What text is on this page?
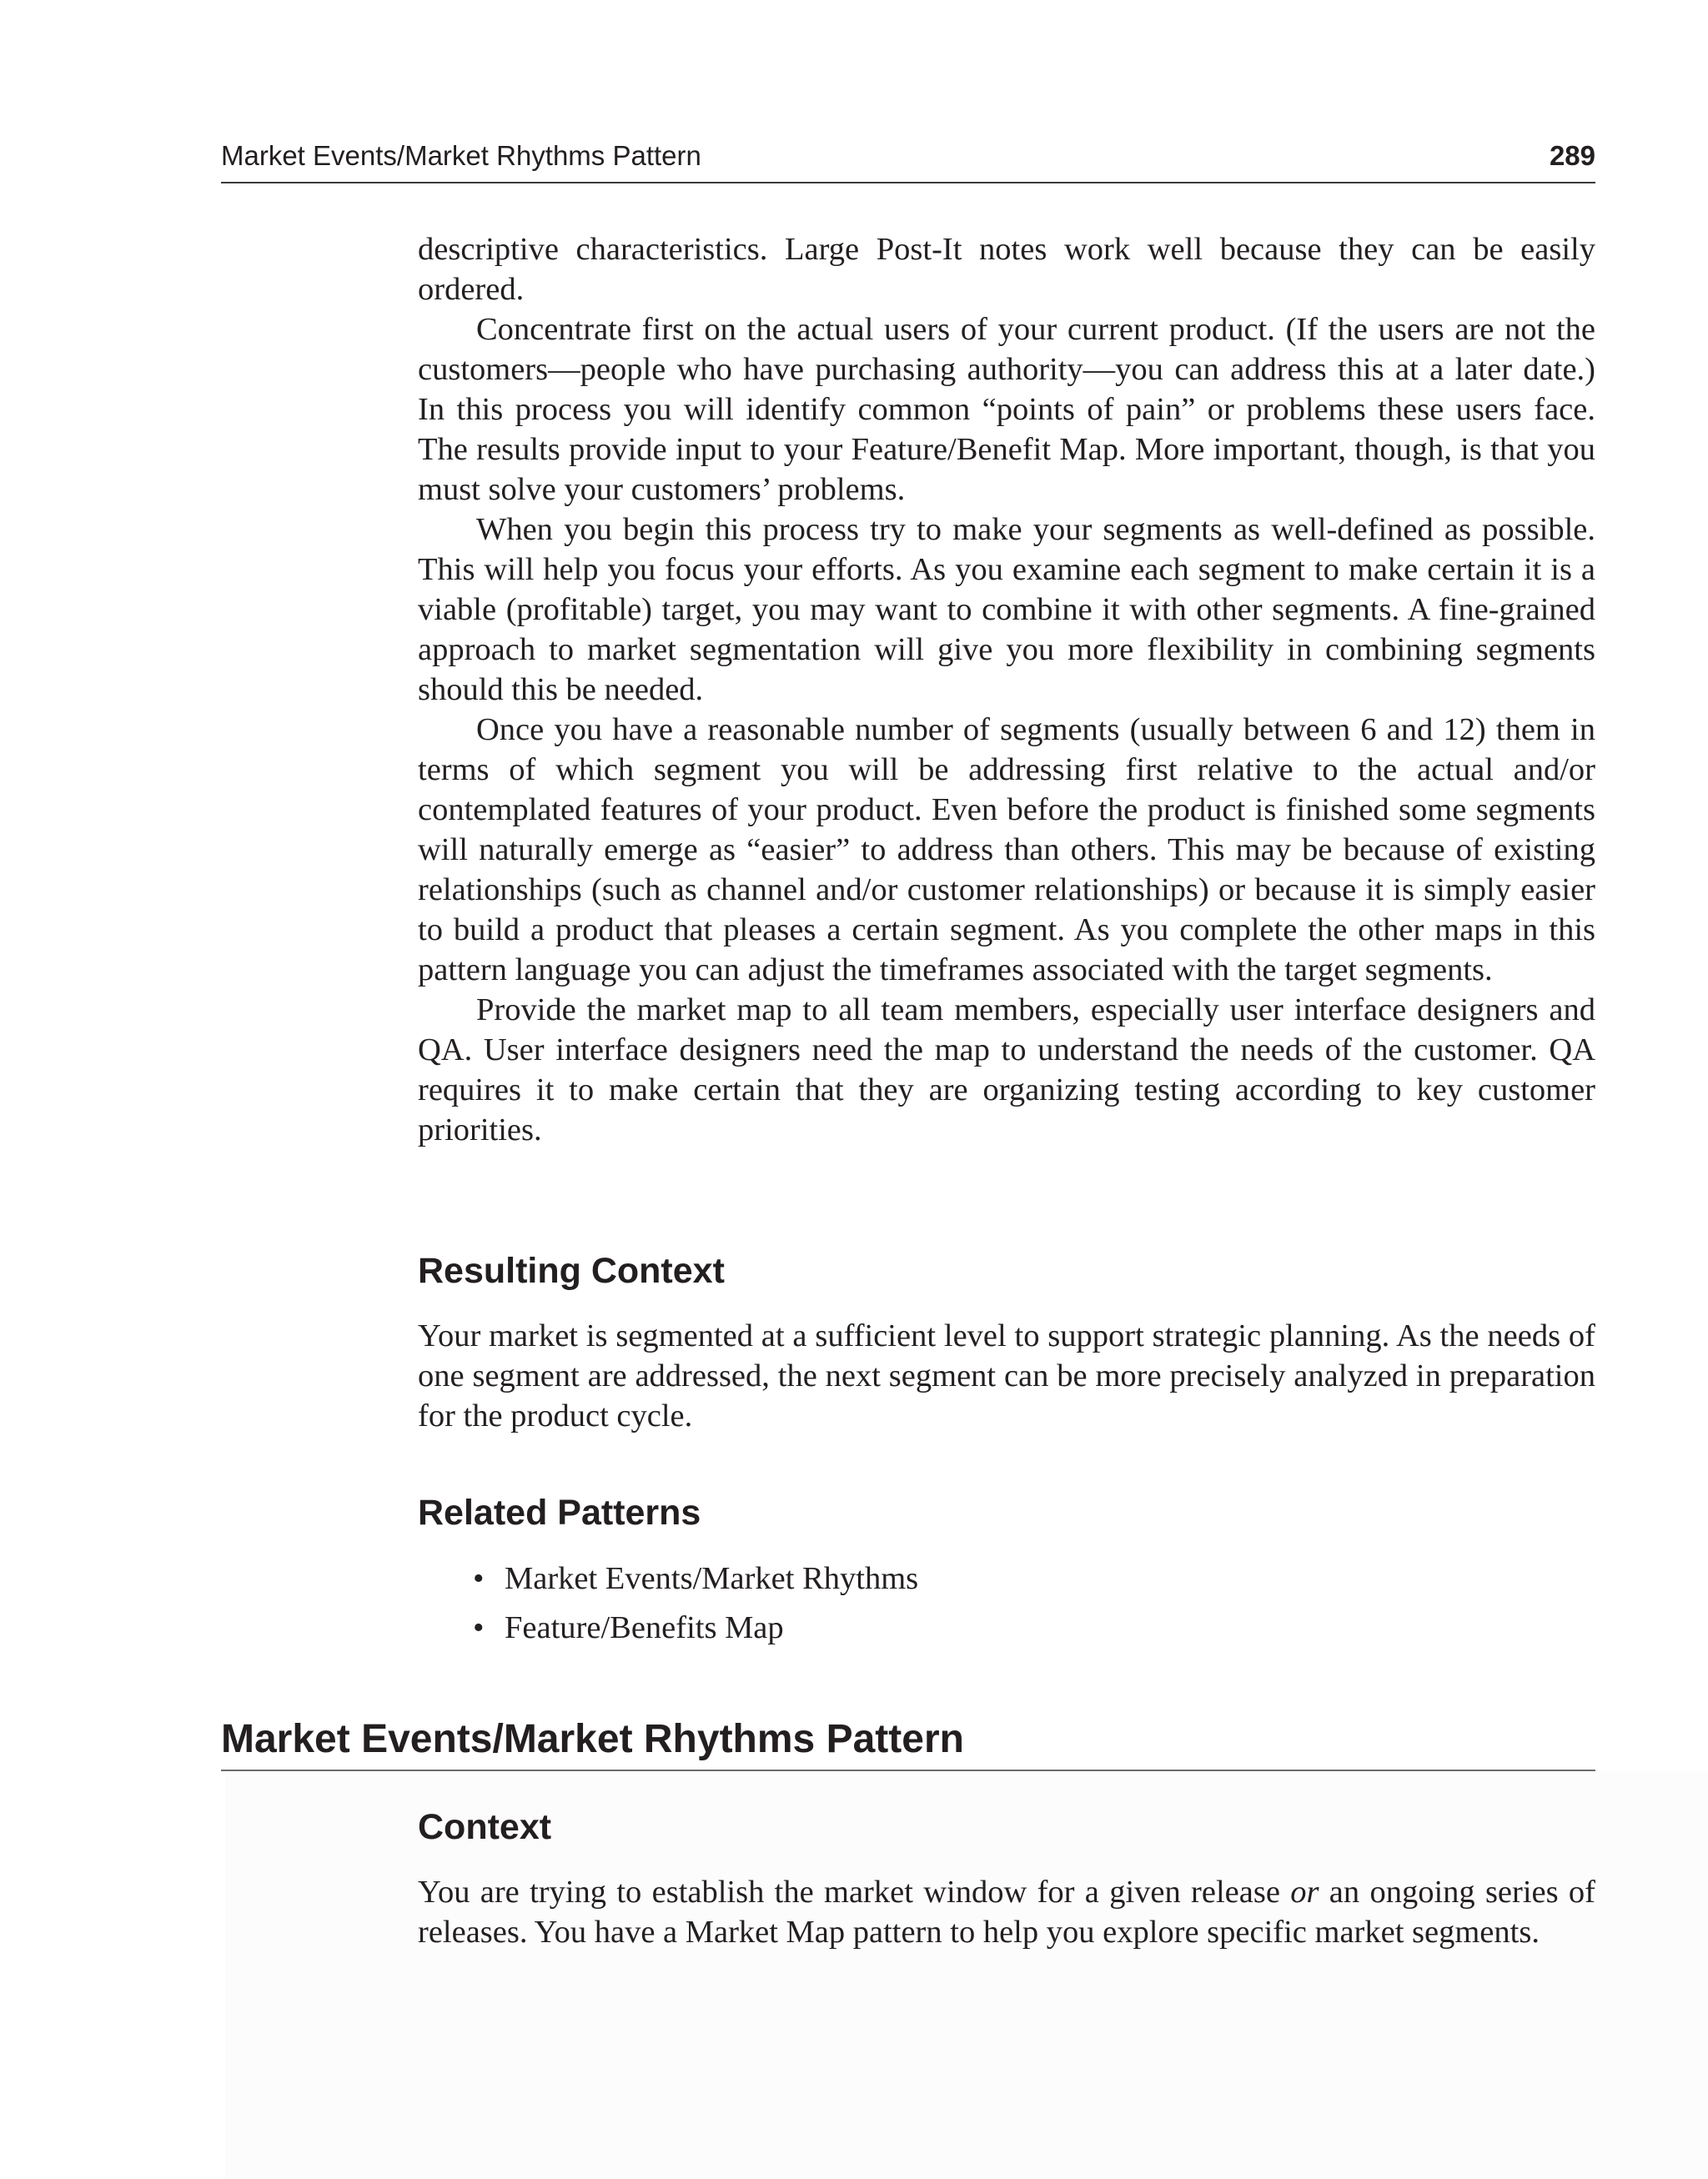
Market Events/Market Rhythms Pattern	289

descriptive characteristics. Large Post-It notes work well because they can be easily ordered.

Concentrate first on the actual users of your current product. (If the users are not the customers—people who have purchasing authority—you can address this at a later date.) In this process you will identify common “points of pain” or problems these users face. The results provide input to your Feature/Benefit Map. More important, though, is that you must solve your customers’ problems.

When you begin this process try to make your segments as well-defined as possible. This will help you focus your efforts. As you examine each segment to make certain it is a viable (profitable) target, you may want to combine it with other segments. A fine-grained approach to market segmentation will give you more flexibility in combining segments should this be needed.

Once you have a reasonable number of segments (usually between 6 and 12) them in terms of which segment you will be addressing first relative to the actual and/or contemplated features of your product. Even before the product is finished some segments will naturally emerge as “easier” to address than others. This may be because of existing relationships (such as channel and/or customer relationships) or because it is simply easier to build a product that pleases a certain segment. As you complete the other maps in this pattern language you can adjust the timeframes associated with the target segments.

Provide the market map to all team members, especially user interface designers and QA. User interface designers need the map to understand the needs of the customer. QA requires it to make certain that they are organizing testing according to key customer priorities.

Resulting Context

Your market is segmented at a sufficient level to support strategic planning. As the needs of one segment are addressed, the next segment can be more precisely analyzed in preparation for the product cycle.

Related Patterns
• Market Events/Market Rhythms
• Feature/Benefits Map
Market Events/Market Rhythms Pattern
Context

You are trying to establish the market window for a given release or an ongoing series of releases. You have a Market Map pattern to help you explore specific market segments.
